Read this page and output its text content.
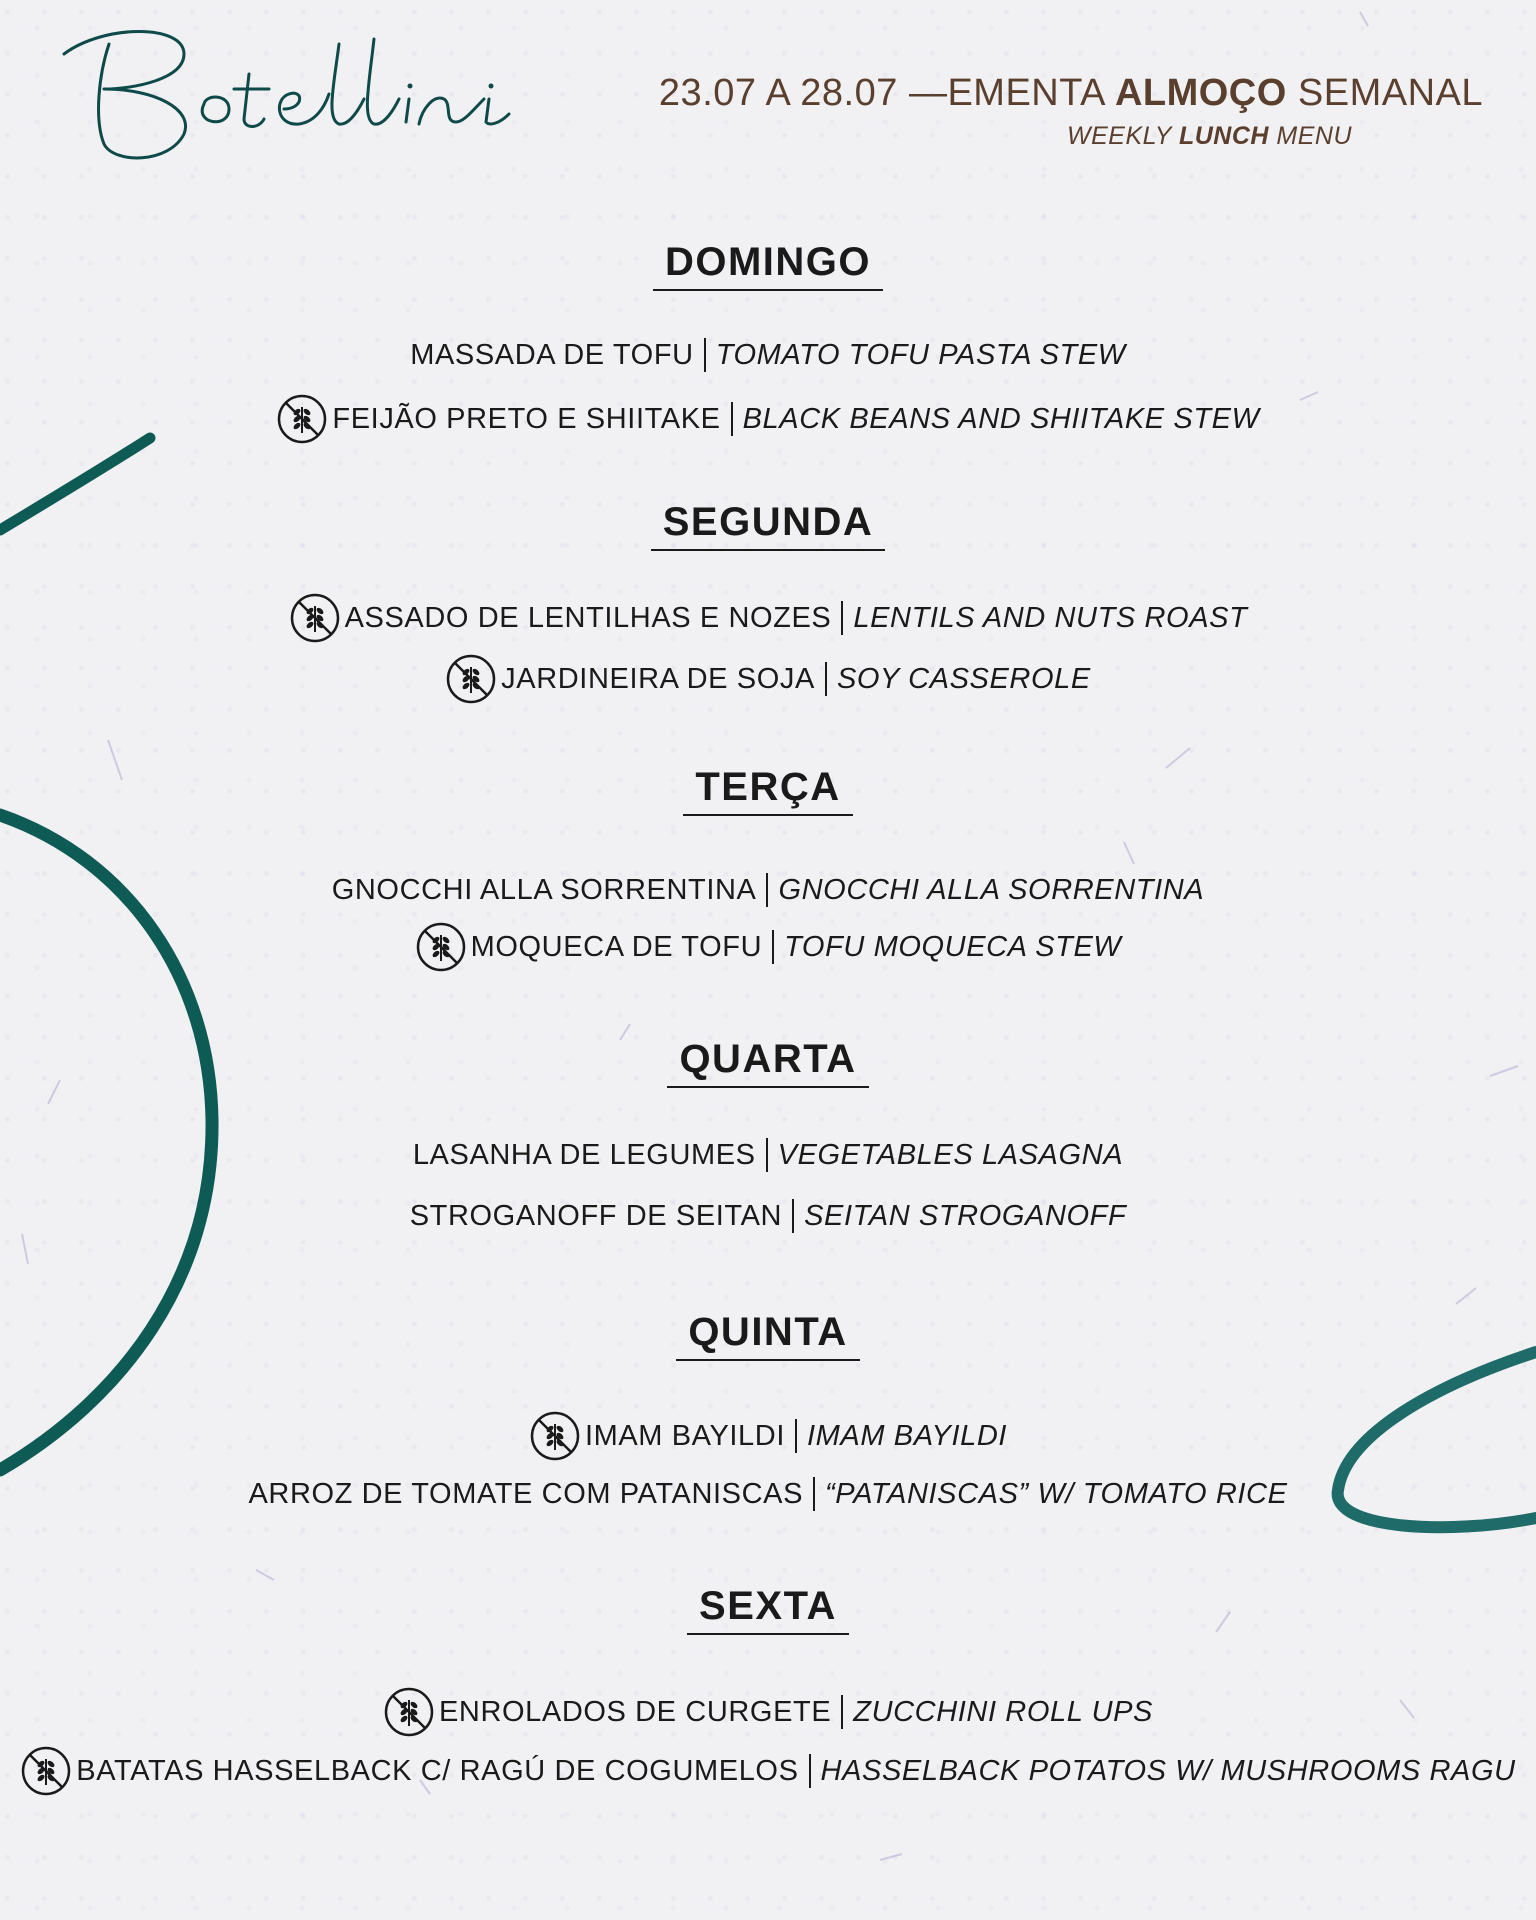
23.07 A 28.07 —EMENTA ALMOÇO SEMANAL
WEEKLY LUNCH MENU
DOMINGO
MASSADA DE TOFU TOMATO TOFU PASTA STEW
FEIJÃO PRETO E SHIITAKE BLACK BEANS AND SHIITAKE STEW
SEGUNDA
ASSADO DE LENTILHAS E NOZES LENTILS AND NUTS ROAST
JARDINEIRA DE SOJA SOY CASSEROLE
TERÇA
GNOCCHI ALLA SORRENTINA GNOCCHI ALLA SORRENTINA
MOQUECA DE TOFU TOFU MOQUECA STEW
QUARTA
LASANHA DE LEGUMES VEGETABLES LASAGNA
STROGANOFF DE SEITAN SEITAN STROGANOFF
QUINTA
IMAM BAYILDI IMAM BAYILDI
ARROZ DE TOMATE COM PATANISCAS “PATANISCAS” W/ TOMATO RICE
SEXTA
ENROLADOS DE CURGETE ZUCCHINI ROLL UPS
BATATAS HASSELBACK C/ RAGÚ DE COGUMELOS HASSELBACK POTATOS W/ MUSHROOMS RAGU
